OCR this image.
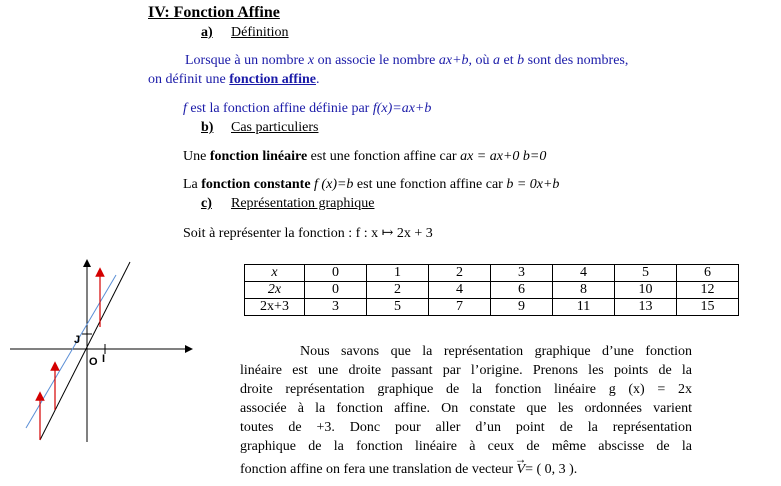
IV: Fonction Affine
a) Définition
Lorsque à un nombre x on associe le nombre ax+b, où a et b sont des nombres,
on définit une fonction affine.
f est la fonction affine définie par f(x)=ax+b
b) Cas particuliers
Une fonction linéaire est une fonction affine car ax = ax+0 b=0
La fonction constante f (x)=b est une fonction affine car b = 0x+b
c) Représentation graphique
Soit à représenter la fonction : f : x ↦ 2x + 3
J
O I
x	0	1	2	3	4	5	6
2x	0	2	4	6	8	10	12
2x+3	3	5	7	9	11	13	15
Nous savons que la représentation graphique d’une fonction
linéaire est une droite passant par l’origine. Prenons les points de la
droite représentation graphique de la fonction linéaire g (x) = 2x
associée à la fonction affine. On constate que les ordonnées varient
toutes de +3. Donc pour aller d’un point de la représentation
graphique de la fonction linéaire à ceux de même abscisse de la
fonction affine on fera une translation de vecteur
→
V= ( 0, 3 ).
